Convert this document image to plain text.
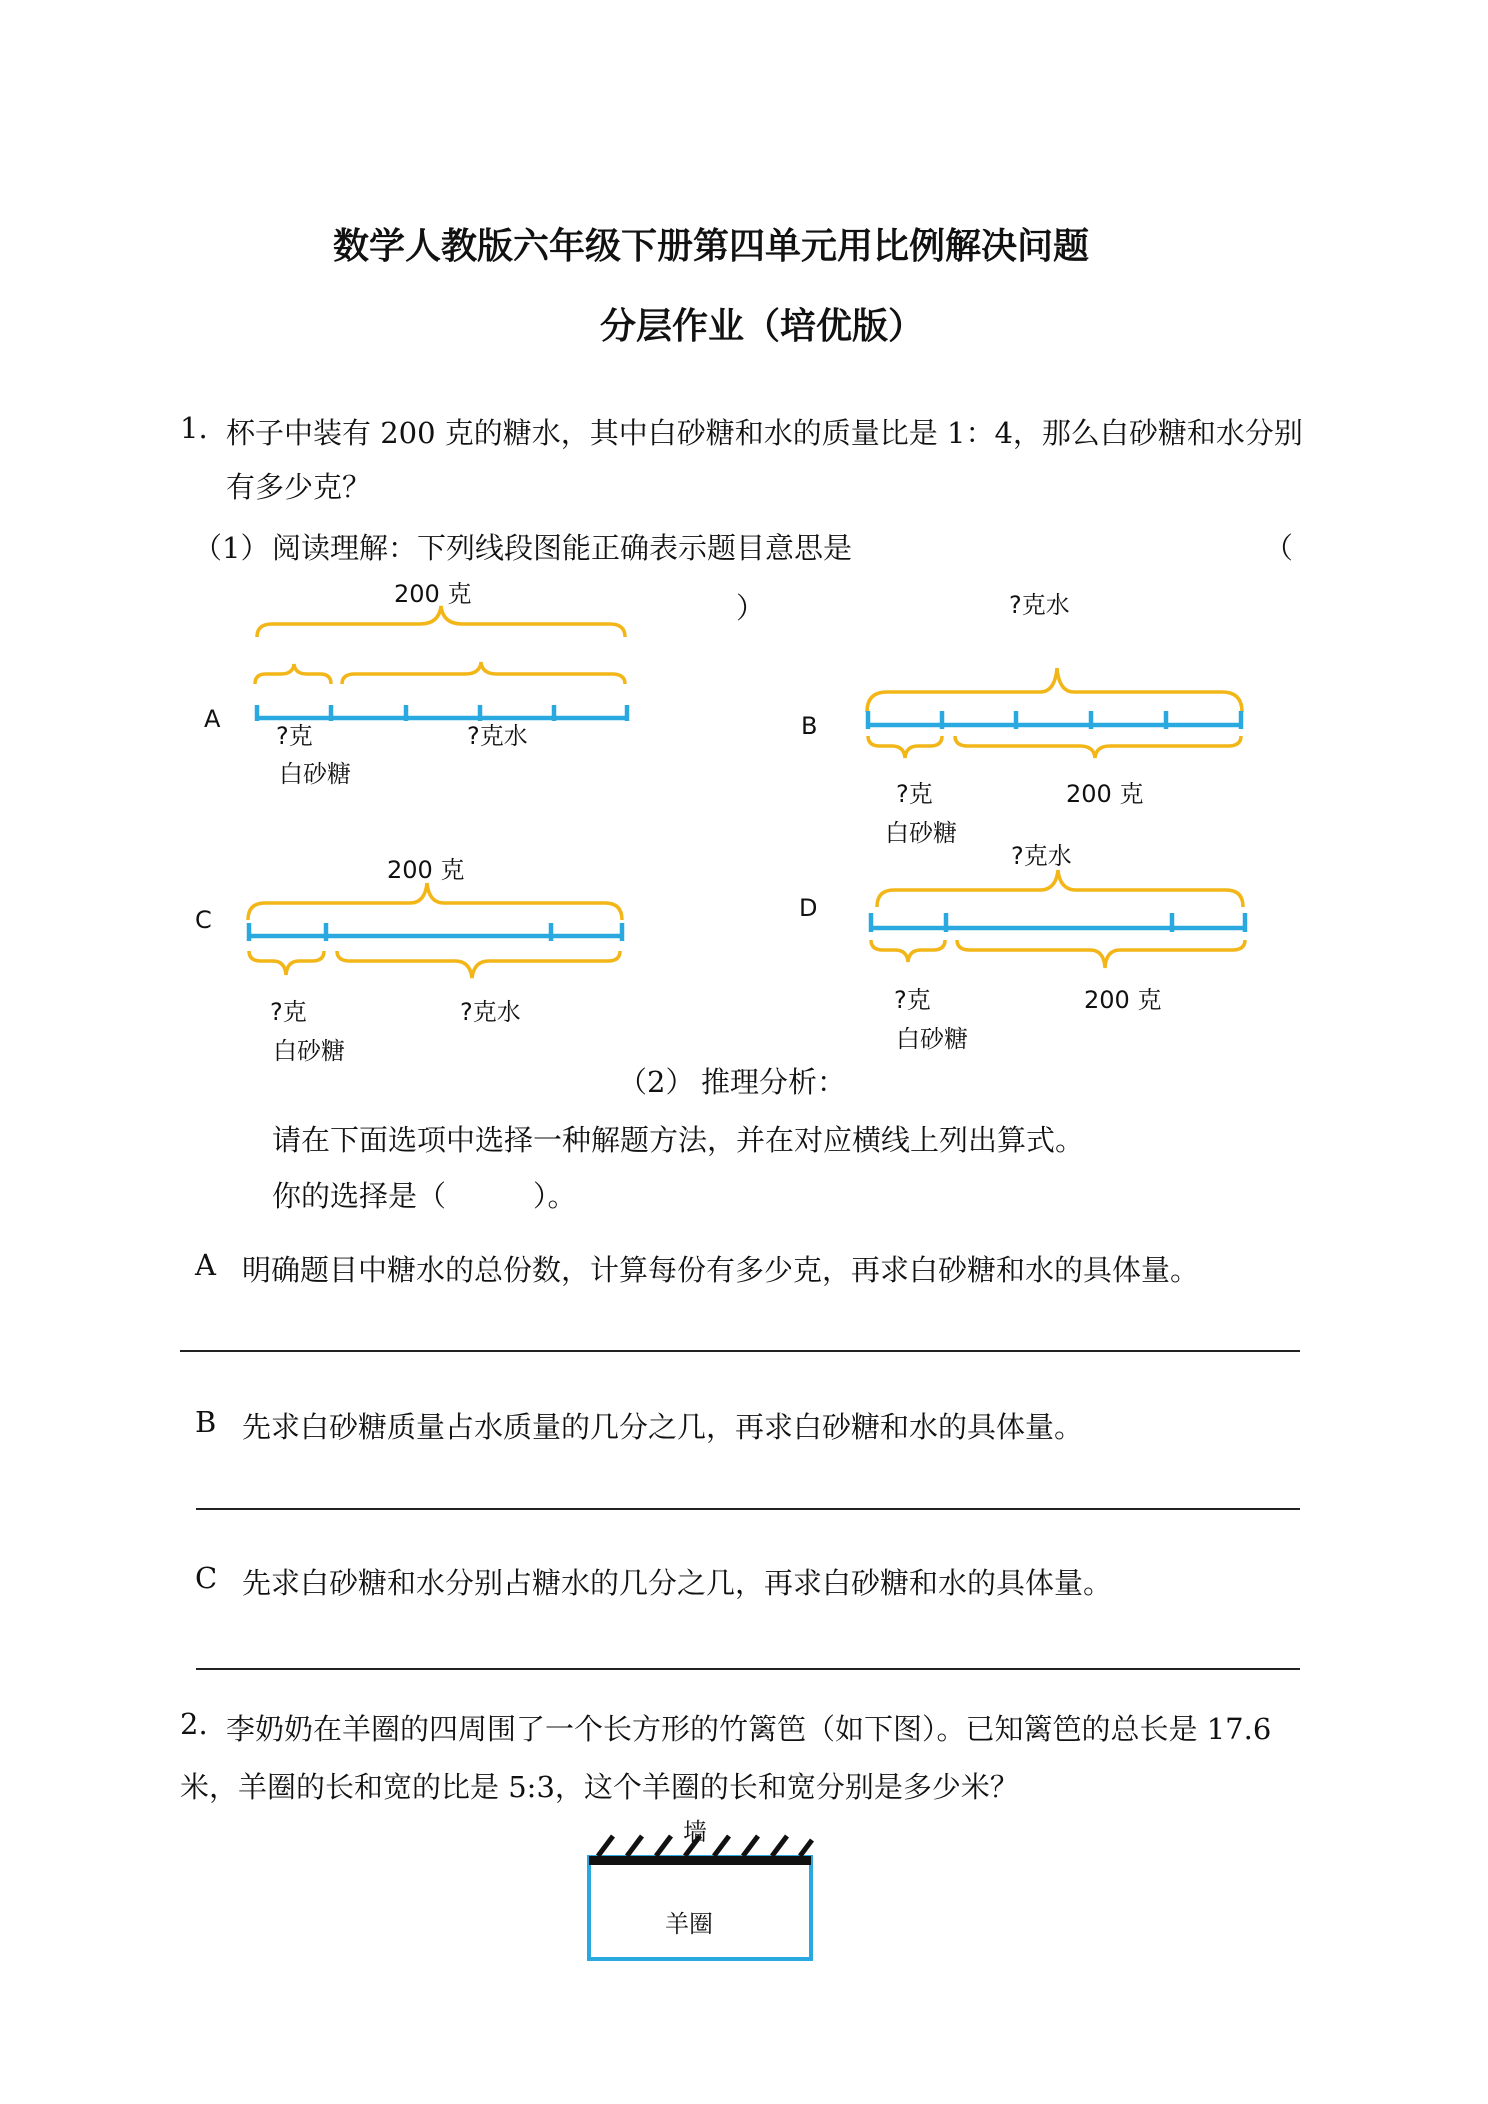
数学人教版六年级下册第四单元用比例解决问题
分层作业（培优版）
1. 杯子中装有 200 克的糖水，其中白砂糖和水的质量比是 1：4，那么白砂糖和水分别
有多少克？
（1） 阅读理解：下列线段图能正确表示题目意思是	（
）
A
200 克
?克	?克水
白砂糖
B
?克水
?克	200 克
白砂糖
C
200 克
?克	?克水
白砂糖
D
?克水
?克	200 克
白砂糖
（2） 推理分析：
请在下面选项中选择一种解题方法，并在对应横线上列出算式。
你的选择是（　　　）。
A 明确题目中糖水的总份数，计算每份有多少克，再求白砂糖和水的具体量。
B 先求白砂糖质量占水质量的几分之几，再求白砂糖和水的具体量。
C 先求白砂糖和水分别占糖水的几分之几，再求白砂糖和水的具体量。
2. 李奶奶在羊圈的四周围了一个长方形的竹篱笆（如下图）。已知篱笆的总长是 17.6
米，羊圈的长和宽的比是 5:3，这个羊圈的长和宽分别是多少米？
墙
羊圈
